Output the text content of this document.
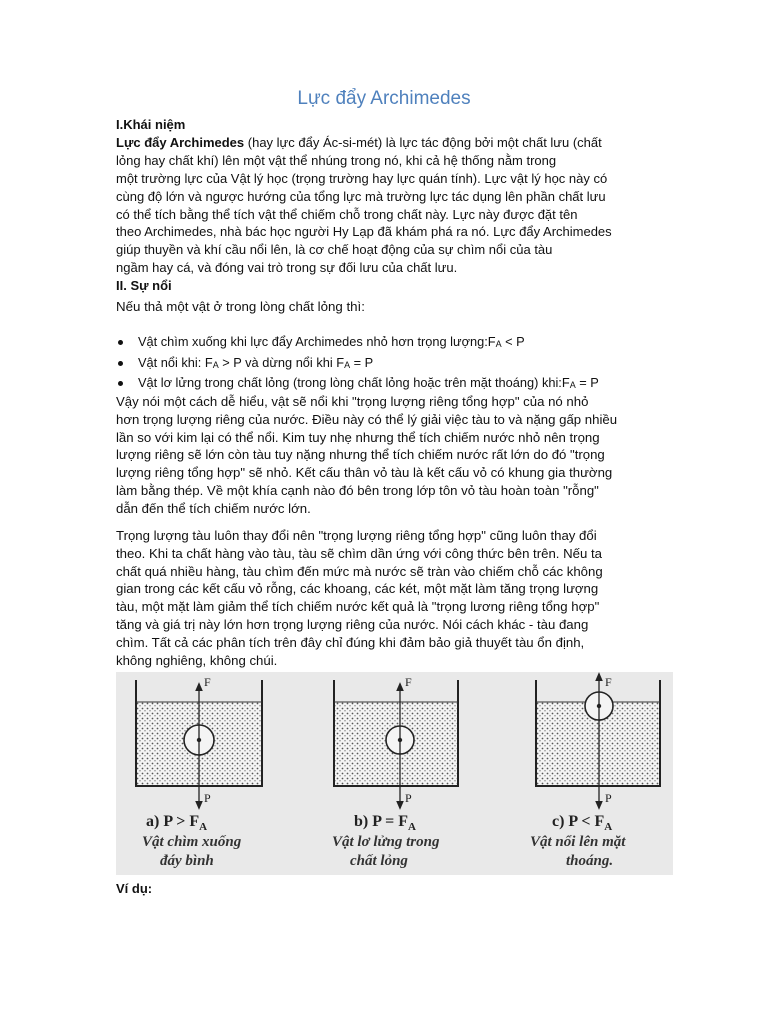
Lực đẩy Archimedes
I.Khái niệm
Lực đẩy Archimedes (hay lực đẩy Ác-si-mét) là lực tác động bởi một chất lưu (chất
lỏng hay chất khí) lên một vật thể nhúng trong nó, khi cả hệ thống nằm trong
một trường lực của Vật lý học (trọng trường hay lực quán tính). Lực vật lý học này có
cùng độ lớn và ngược hướng của tổng lực mà trường lực tác dụng lên phần chất lưu
có thể tích bằng thể tích vật thể chiếm chỗ trong chất này. Lực này được đặt tên
theo Archimedes, nhà bác học người Hy Lạp đã khám phá ra nó. Lực đẩy Archimedes
giúp thuyền và khí cầu nổi lên, là cơ chế hoạt động của sự chìm nổi của tàu
ngầm hay cá, và đóng vai trò trong sự đối lưu của chất lưu.
II. Sự nổi
Nếu thả một vật ở trong lòng chất lỏng thì:
Vật chìm xuống khi lực đẩy Archimedes nhỏ hơn trọng $lượng:F_A < P$
Vật nổi khi: $F_A > P$ và dừng nổi khi $F_A = P$
Vật lơ lửng trong chất lỏng (trong lòng chất lỏng hoặc trên mặt thoáng) $khi:F_A = P$
Vậy nói một cách dễ hiểu, vật sẽ nổi khi "trọng lượng riêng tổng hợp" của nó nhỏ
hơn trọng lượng riêng của nước. Điều này có thể lý giải việc tàu to và nặng gấp nhiều
lần so với kim lại có thể nổi. Kim tuy nhẹ nhưng thể tích chiếm nước nhỏ nên trọng
lượng riêng sẽ lớn còn tàu tuy nặng nhưng thể tích chiếm nước rất lớn do đó "trọng
lượng riêng tổng hợp" sẽ nhỏ. Kết cấu thân vỏ tàu là kết cấu vỏ có khung gia thường
làm bằng thép. Về một khía cạnh nào đó bên trong lớp tôn vỏ tàu hoàn toàn "rỗng"
dẫn đến thể tích chiếm nước lớn.
Trọng lượng tàu luôn thay đổi nên "trọng lượng riêng tổng hợp" cũng luôn thay đổi
theo. Khi ta chất hàng vào tàu, tàu sẽ chìm dần ứng với công thức bên trên. Nếu ta
chất quá nhiều hàng, tàu chìm đến mức mà nước sẽ tràn vào chiếm chỗ các không
gian trong các kết cấu vỏ rỗng, các khoang, các két, một mặt làm tăng trọng lượng
tàu, một mặt làm giảm thể tích chiếm nước kết quả là "trọng lương riêng tổng hợp"
tăng và giá trị này lớn hơn trọng lượng riêng của nước. Nói cách khác - tàu đang
chìm. Tất cả các phân tích trên đây chỉ đúng khi đảm bảo giả thuyết tàu ổn định,
không nghiêng, không chúi.
F
P
a) $P > F_A$
Vật chìm xuống
đáy bình
F
P
b) $P = F_A$
Vật lơ lửng trong
chất lỏng
F
P
c) $P < F_A$
Vật nổi lên mặt
thoáng.
Ví dụ:
